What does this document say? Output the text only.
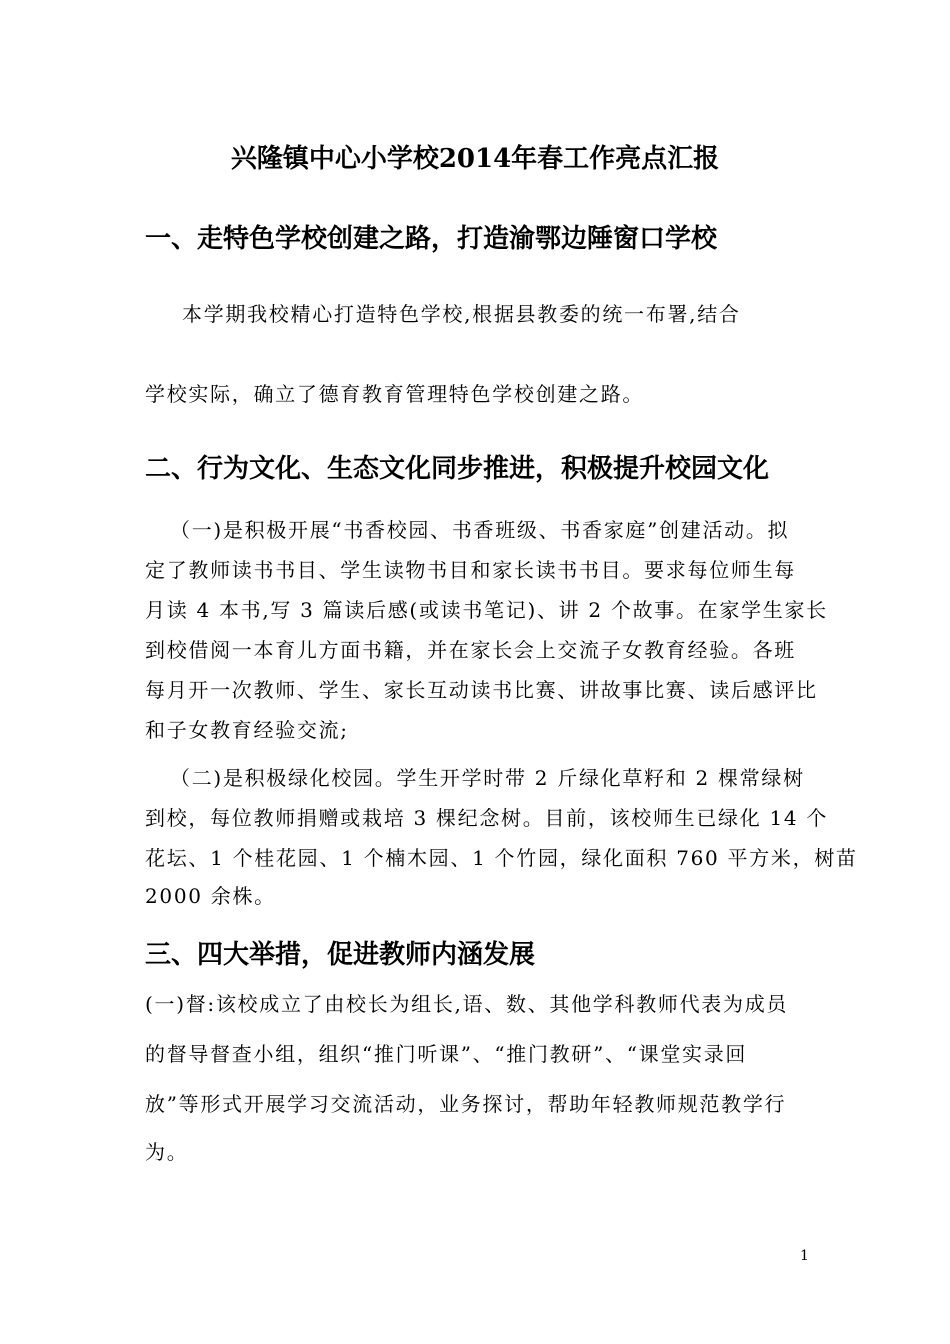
兴隆镇中心小学校2014年春工作亮点汇报
一、走特色学校创建之路，打造渝鄂边陲窗口学校
本学期我校精心打造特色学校,根据县教委的统一布署,结合
学校实际，确立了德育教育管理特色学校创建之路。
二、行为文化、生态文化同步推进，积极提升校园文化
（一)是积极开展“书香校园、书香班级、书香家庭”创建活动。拟
定了教师读书书目、学生读物书目和家长读书书目。要求每位师生每
月读 4 本书,写 3 篇读后感(或读书笔记)、讲 2 个故事。在家学生家长
到校借阅一本育儿方面书籍，并在家长会上交流子女教育经验。各班
每月开一次教师、学生、家长互动读书比赛、讲故事比赛、读后感评比
和子女教育经验交流;
（二)是积极绿化校园。学生开学时带 2 斤绿化草籽和 2 棵常绿树
到校，每位教师捐赠或栽培 3 棵纪念树。目前，该校师生已绿化 14 个
花坛、1 个桂花园、1 个楠木园、1 个竹园，绿化面积 760 平方米，树苗
2000 余株。
三、四大举措，促进教师内涵发展
(一)督:该校成立了由校长为组长,语、数、其他学科教师代表为成员
的督导督查小组，组织“推门听课”、“推门教研”、“课堂实录回
放”等形式开展学习交流活动，业务探讨，帮助年轻教师规范教学行
为。
1
